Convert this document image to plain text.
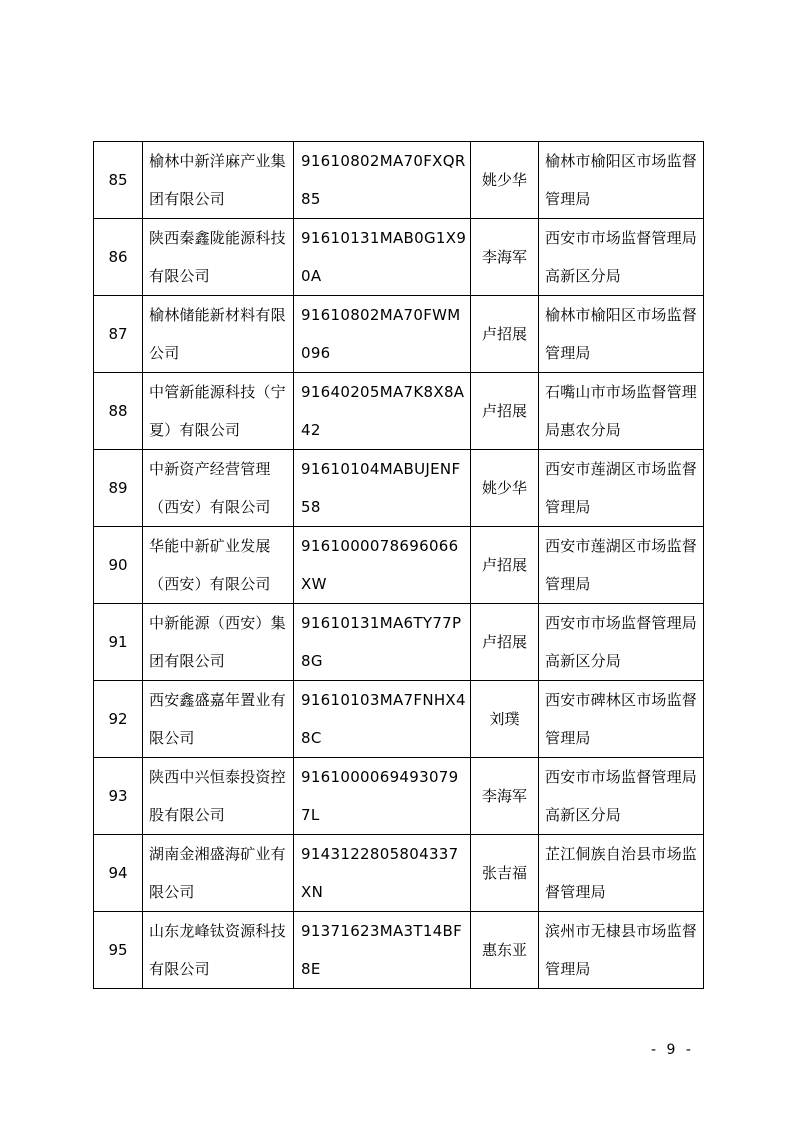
85	榆林中新洋麻产业集团有限公司	91610802MA70FXQR85	姚少华	榆林市榆阳区市场监督管理局
86	陕西秦鑫陇能源科技有限公司	91610131MAB0G1X90A	李海军	西安市市场监督管理局高新区分局
87	榆林储能新材料有限公司	91610802MA70FWM096	卢招展	榆林市榆阳区市场监督管理局
88	中管新能源科技（宁夏）有限公司	91640205MA7K8X8A42	卢招展	石嘴山市市场监督管理局惠农分局
89	中新资产经营管理（西安）有限公司	91610104MABUJENF58	姚少华	西安市莲湖区市场监督管理局
90	华能中新矿业发展（西安）有限公司	9161000078696066XW	卢招展	西安市莲湖区市场监督管理局
91	中新能源（西安）集团有限公司	91610131MA6TY77P8G	卢招展	西安市市场监督管理局高新区分局
92	西安鑫盛嘉年置业有限公司	91610103MA7FNHX48C	刘璞	西安市碑林区市场监督管理局
93	陕西中兴恒泰投资控股有限公司	91610000694930797L	李海军	西安市市场监督管理局高新区分局
94	湖南金湘盛海矿业有限公司	9143122805804337XN	张吉福	芷江侗族自治县市场监督管理局
95	山东龙峰钛资源科技有限公司	91371623MA3T14BF8E	惠东亚	滨州市无棣县市场监督管理局
- 9 -
